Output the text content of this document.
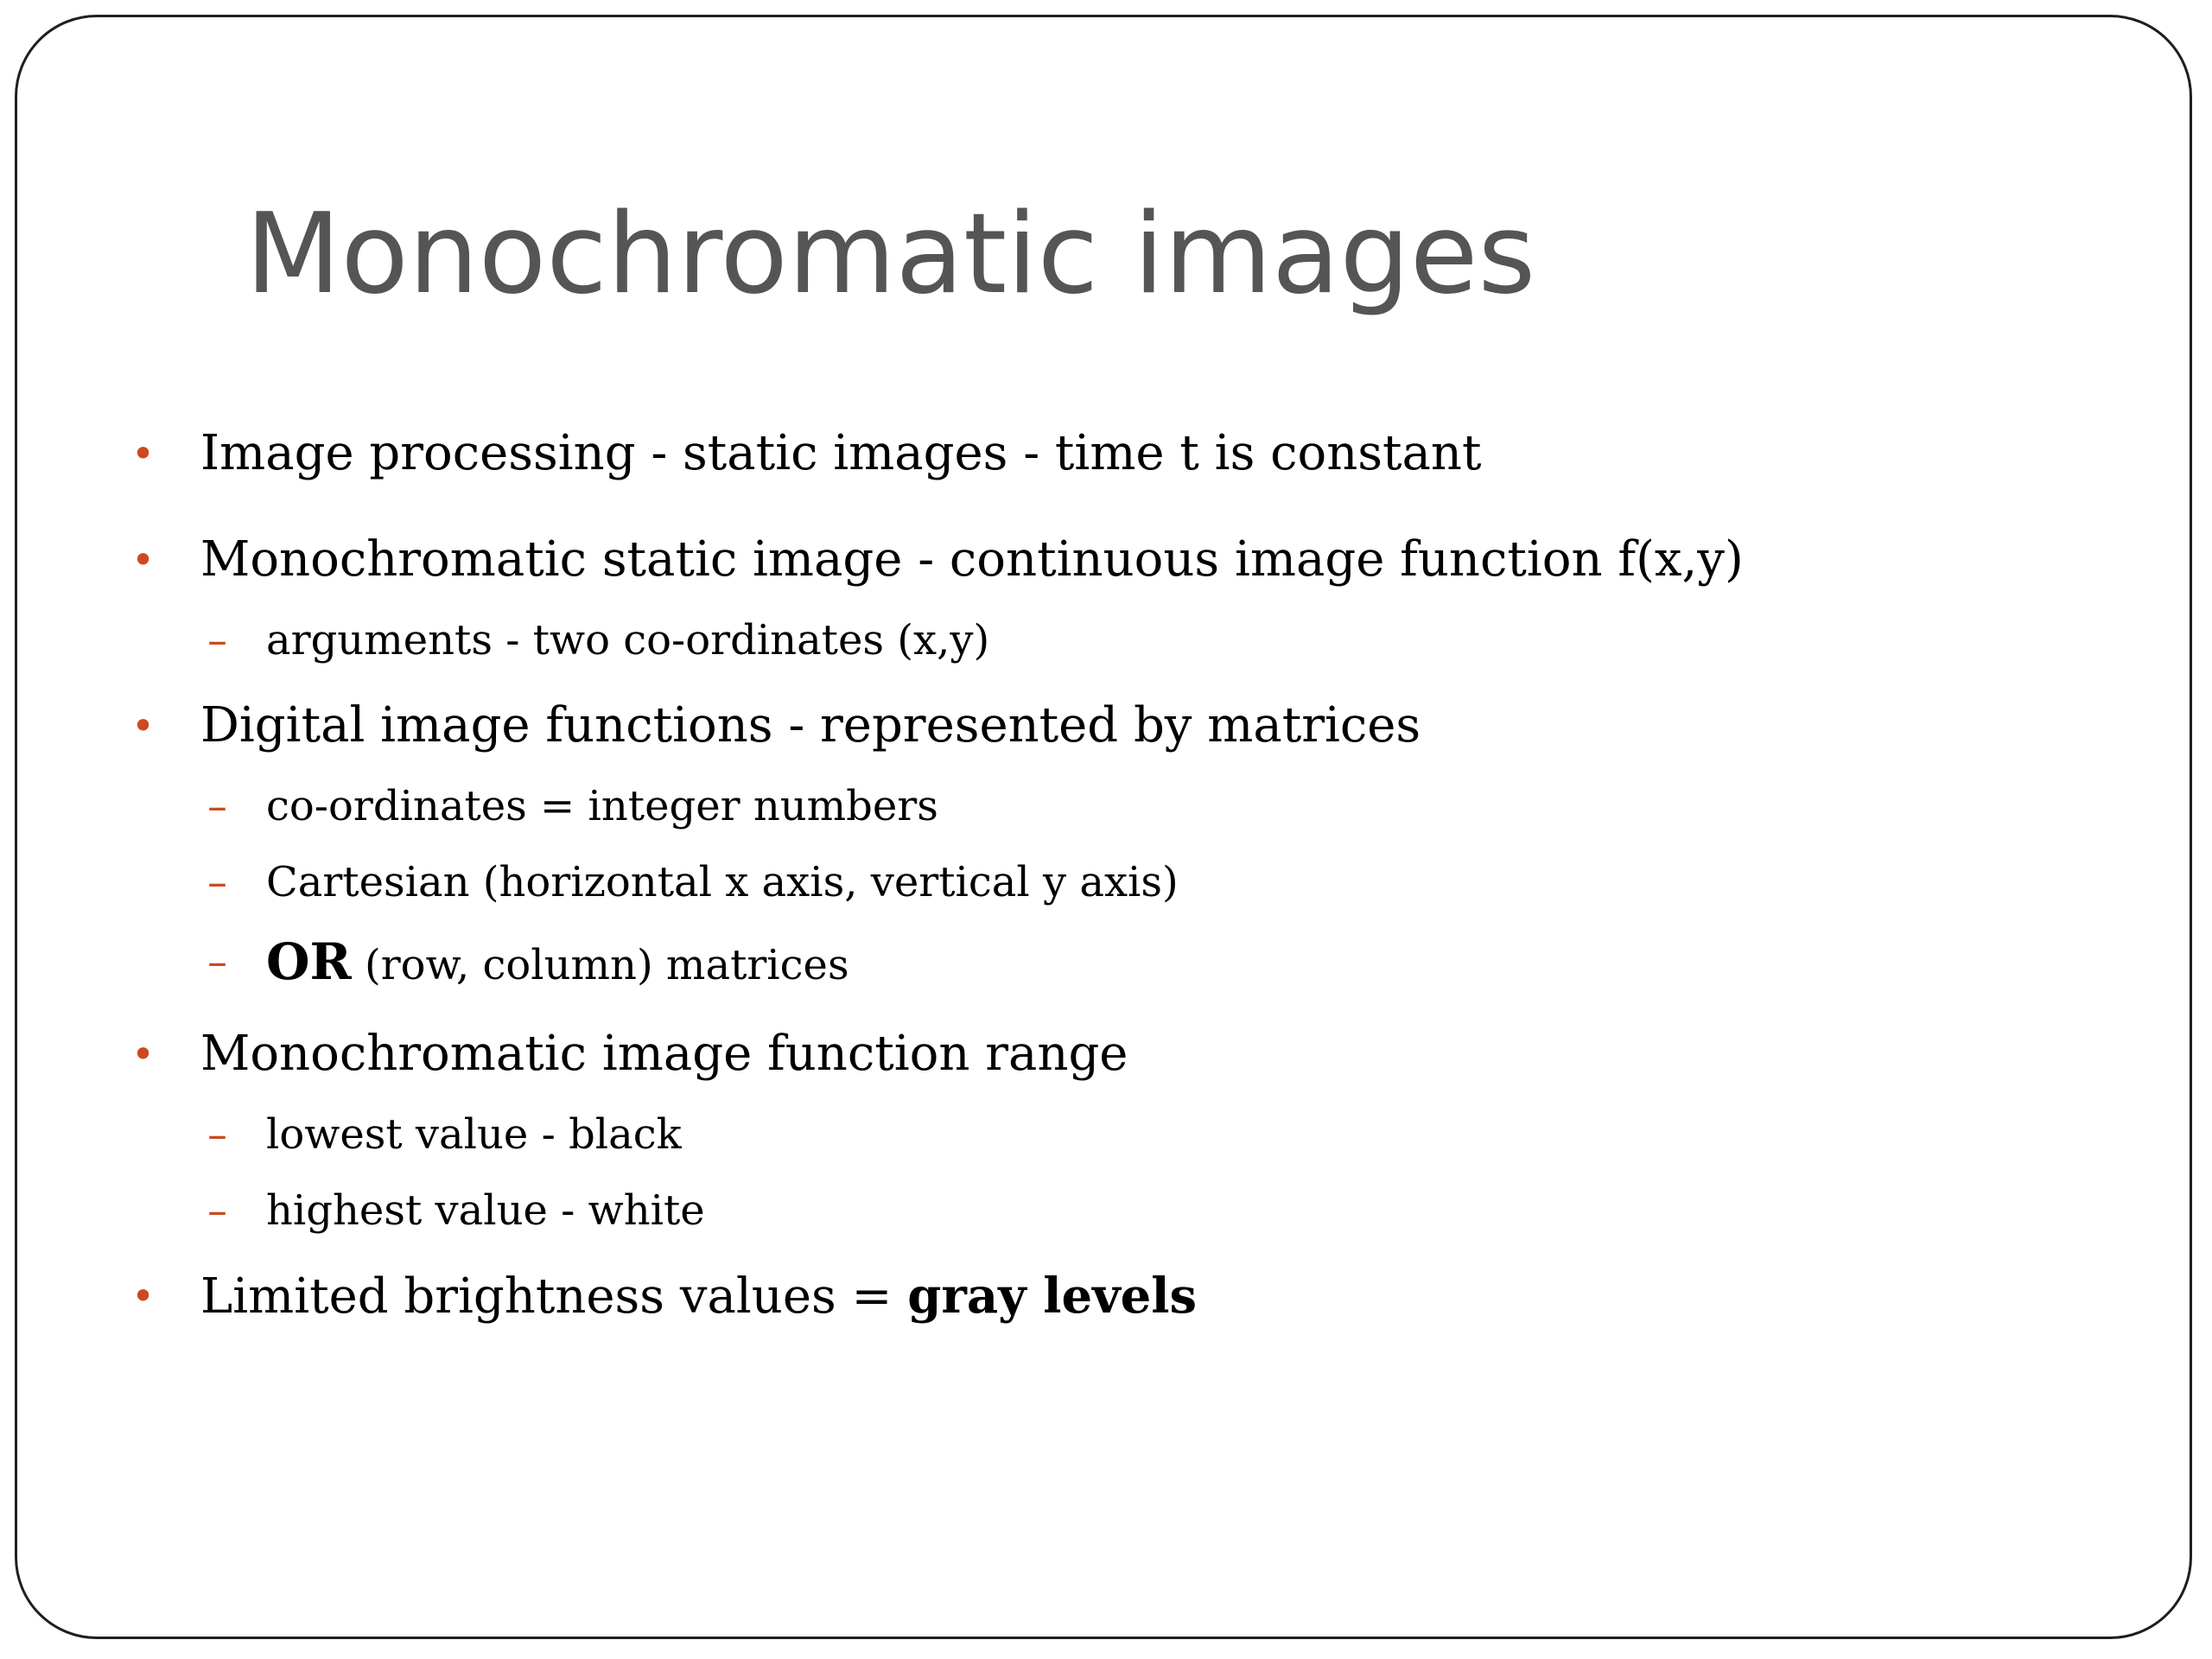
Monochromatic images
• Image processing - static images - time t is constant
• Monochromatic static image - continuous image function f(x,y)
– arguments - two co-ordinates (x,y)
• Digital image functions - represented by matrices
– co-ordinates = integer numbers
– Cartesian (horizontal x axis, vertical y axis)
– OR (row, column) matrices
• Monochromatic image function range
– lowest value - black
– highest value - white
• Limited brightness values = gray levels
